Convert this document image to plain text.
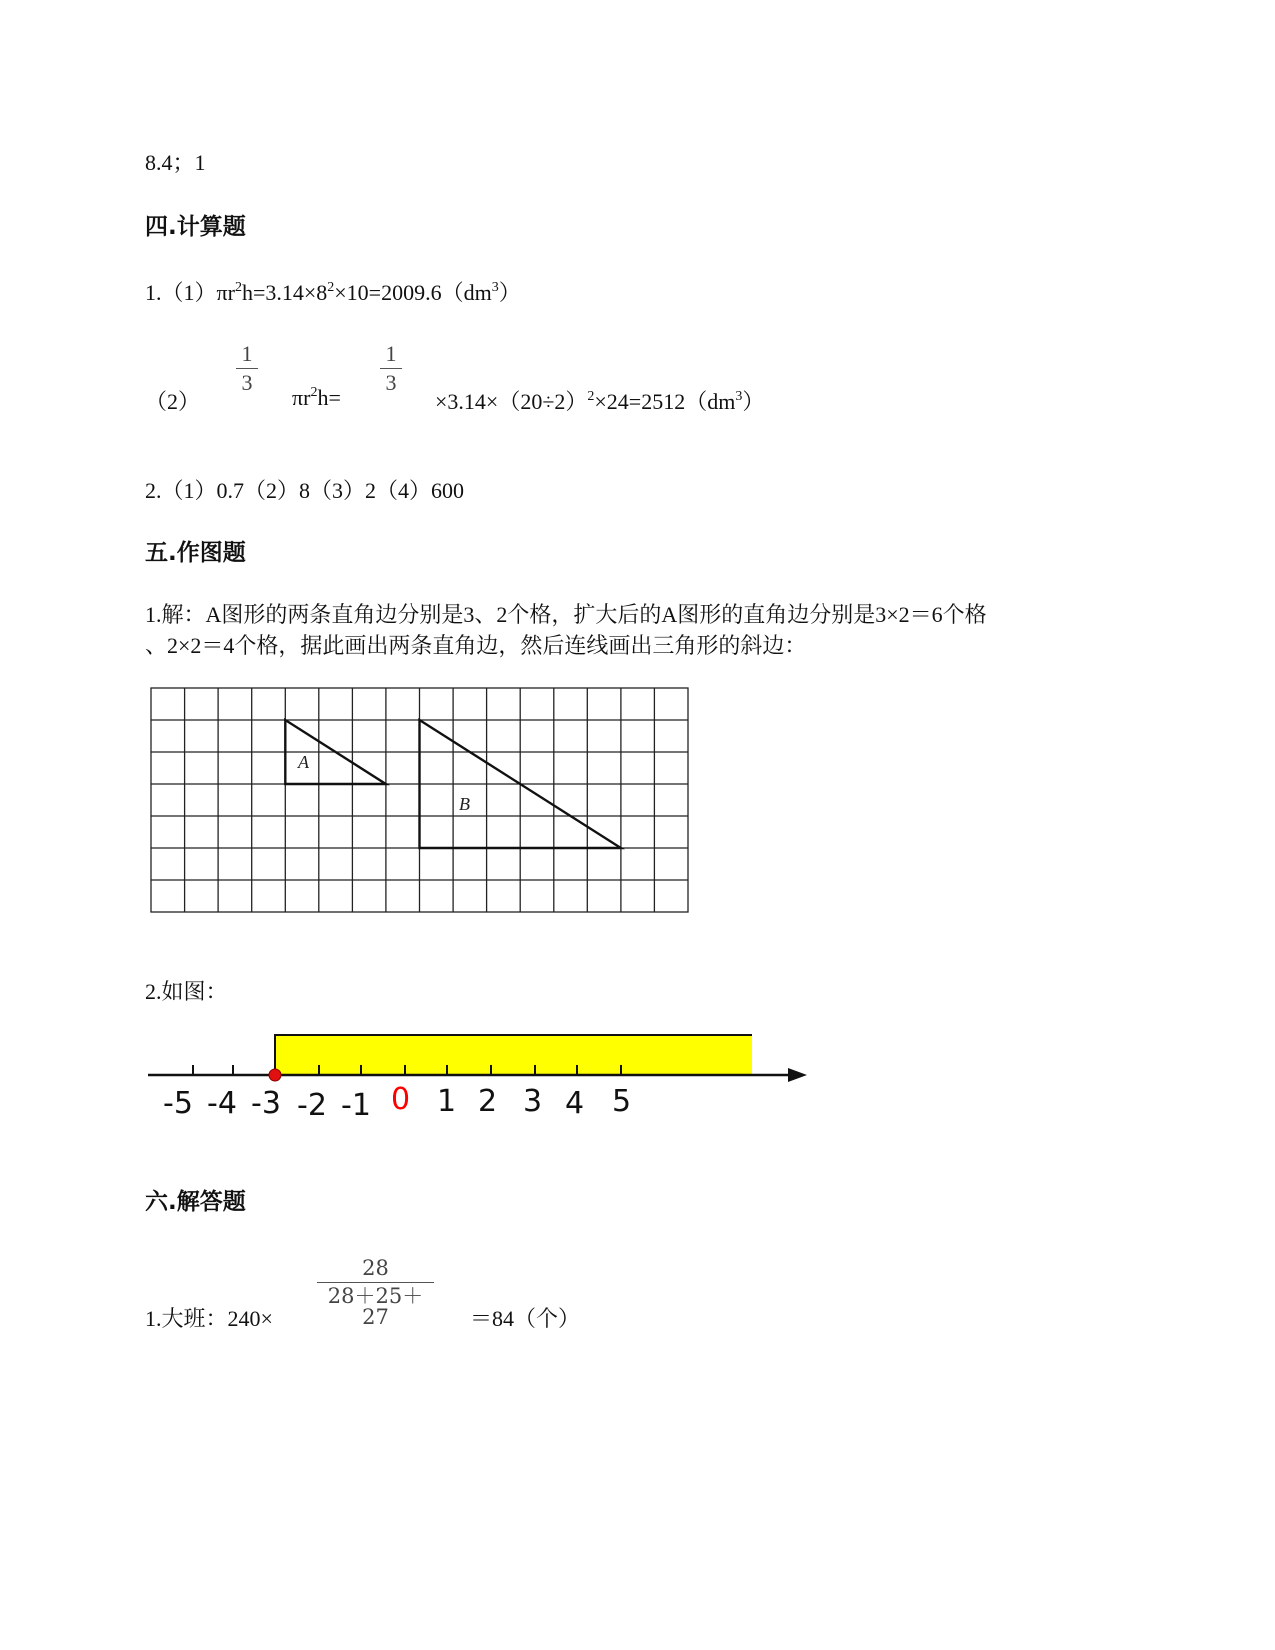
8.4；1
四.计算题
$1.(1)\pi r^2h=3.14\times 8^2\times 10=2009.6(dm^3)$
（2）
1
3
$\pi r^2h=$
1
3
$\times 3.14\times(20\div 2)^2\times 24=2512(dm^3)$
2.（1）0.7（2）8（3）2（4）600
五.作图题
1.解：A图形的两条直角边分别是3、2个格，扩大后的A图形的直角边分别是3×2＝6个格
、2×2＝4个格，据此画出两条直角边，然后连线画出三角形的斜边：
A
B
2.如图：
-5 -4 -3 -2 -1 0 1 2 3 4 5
六.解答题
1.大班：240×
28
28＋25＋27	＝84（个）
